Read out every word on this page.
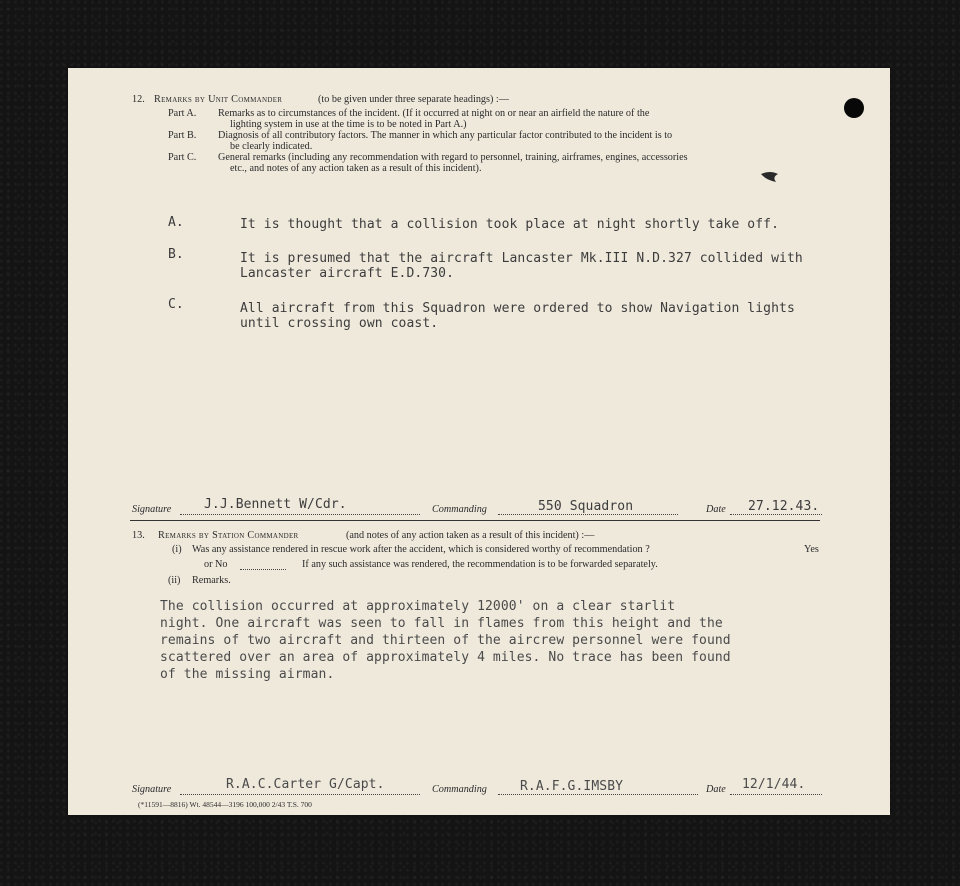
12. Remarks by Unit Commander	(to be given under three separate headings) :—
Part A. Remarks as to circumstances of the incident. (If it occurred at night on or near an airfield the nature of the
lighting system in use at the time is to be noted in Part A.)
Part B. Diagnosis of all contributory factors. The manner in which any particular factor contributed to the incident is to
be clearly indicated.
Part C. General remarks (including any recommendation with regard to personnel, training, airframes, engines, accessories
etc., and notes of any action taken as a result of this incident).
A.	It is thought that a collision took place at night shortly take off.
B.	It is presumed that the aircraft Lancaster Mk.III N.D.327 collided with
Lancaster aircraft E.D.730.
C.	All aircraft from this Squadron were ordered to show Navigation lights
until crossing own coast.
Signature	J.J.Bennett W/Cdr.	Commanding	550 Squadron	Date 27.12.43.
13. Remarks by Station Commander	(and notes of any action taken as a result of this incident) :—
(i) Was any assistance rendered in rescue work after the accident, which is considered worthy of recommendation ?	Yes
or No	If any such assistance was rendered, the recommendation is to be forwarded separately.
(ii) Remarks.
The collision occurred at approximately 12000' on a clear starlit
night. One aircraft was seen to fall in flames from this height and the
remains of two aircraft and thirteen of the aircrew personnel were found
scattered over an area of approximately 4 miles. No trace has been found
of the missing airman.
Signature	R.A.C.Carter G/Capt.	Commanding	R.A.F.G.IMSBY	Date 12/1/44.
(*11591—8816) Wt. 48544—3196 100,000 2/43 T.S. 700
